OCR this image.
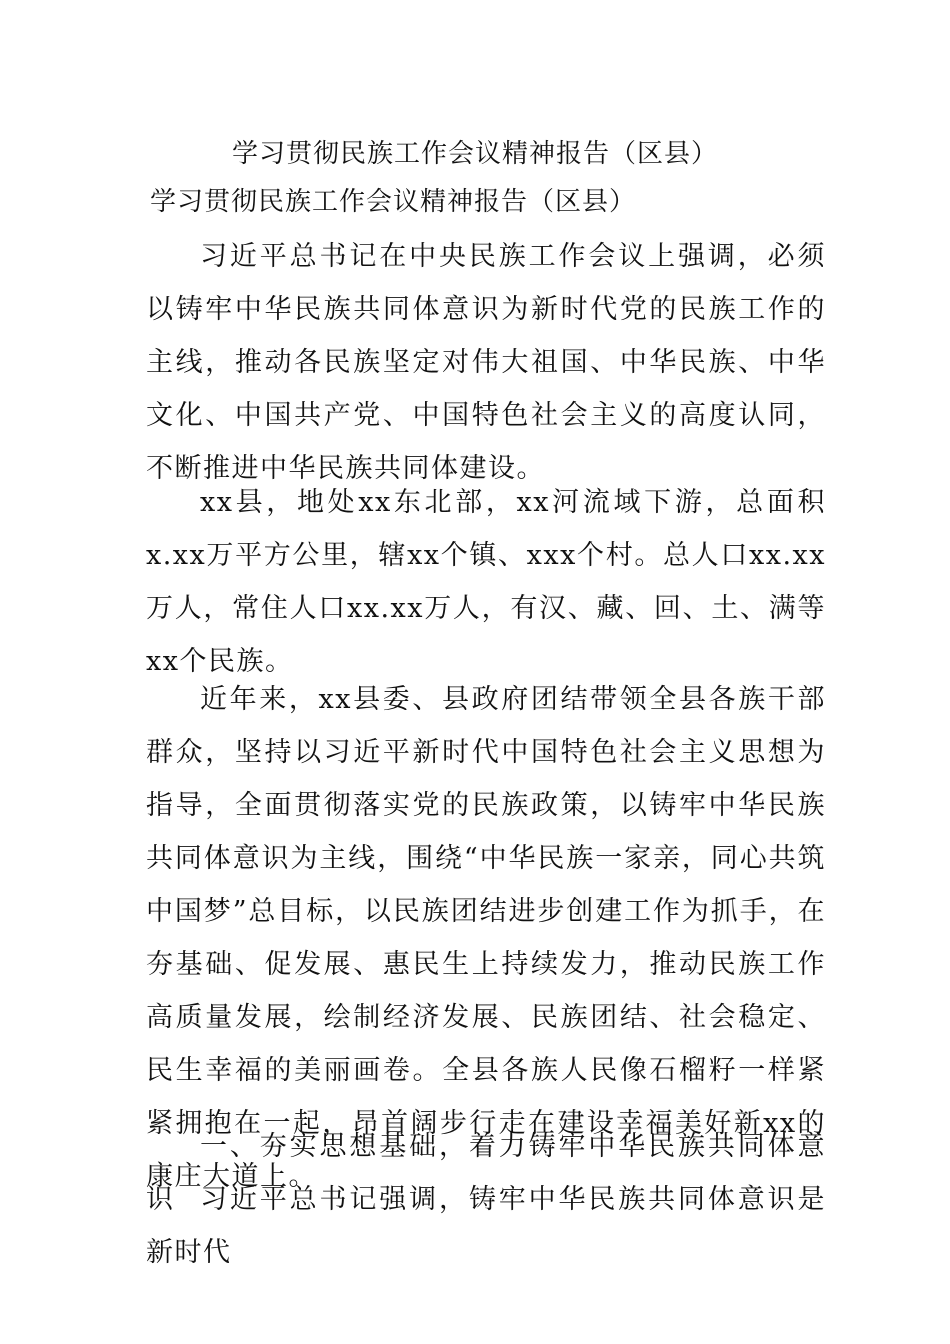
学习贯彻民族工作会议精神报告（区县）
学习贯彻民族工作会议精神报告（区县）

习近平总书记在中央民族工作会议上强调，必须以铸牢中华民族共同体意识为新时代党的民族工作的主线，推动各民族坚定对伟大祖国、中华民族、中华文化、中国共产党、中国特色社会主义的高度认同，不断推进中华民族共同体建设。

xx县，地处xx东北部，xx河流域下游，总面积x.xx万平方公里，辖xx个镇、xxx个村。总人口xx.xx万人，常住人口xx.xx万人，有汉、藏、回、土、满等xx个民族。

近年来，xx县委、县政府团结带领全县各族干部群众，坚持以习近平新时代中国特色社会主义思想为指导，全面贯彻落实党的民族政策，以铸牢中华民族共同体意识为主线，围绕“中华民族一家亲，同心共筑中国梦”总目标，以民族团结进步创建工作为抓手，在夯基础、促发展、惠民生上持续发力，推动民族工作高质量发展，绘制经济发展、民族团结、社会稳定、民生幸福的美丽画卷。全县各族人民像石榴籽一样紧紧拥抱在一起，昂首阔步行走在建设幸福美好新xx的康庄大道上。

一、夯实思想基础，着力铸牢中华民族共同体意识 习近平总书记强调，铸牢中华民族共同体意识是新时代
